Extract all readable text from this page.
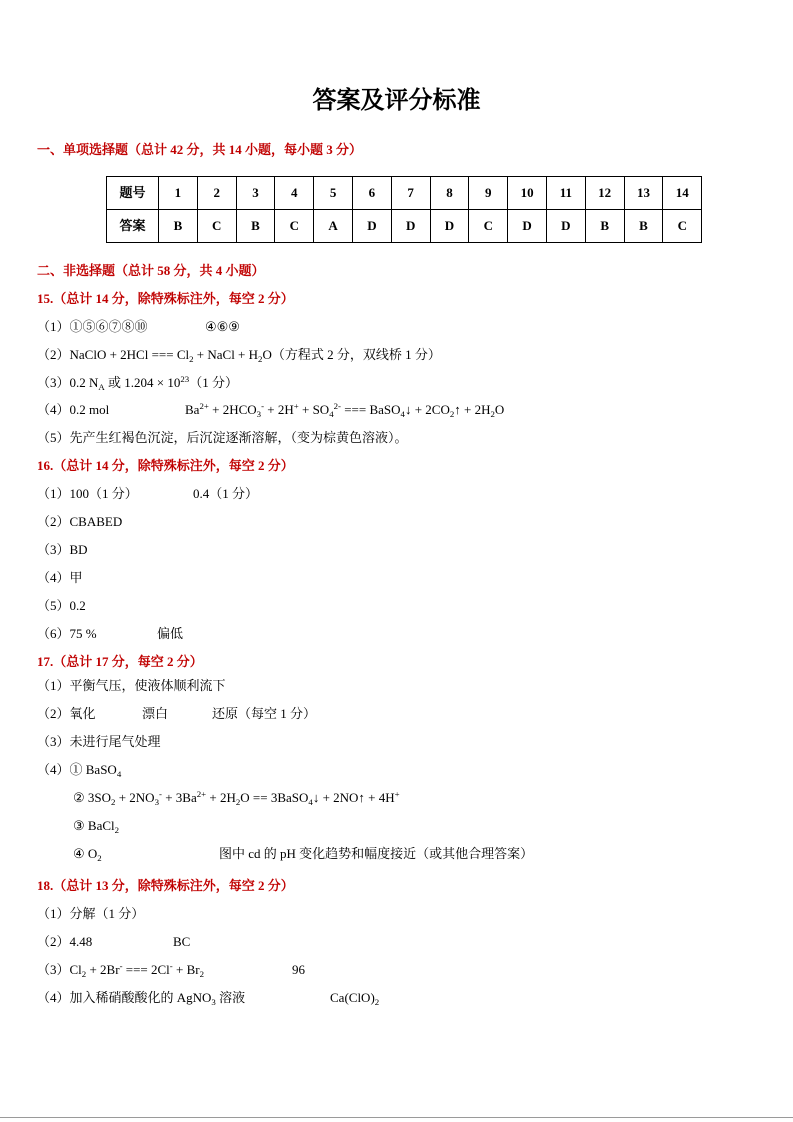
答案及评分标准
一、单项选择题（总计 42 分，共 14 小题，每小题 3 分）
题号	1	2	3	4	5	6	7	8	9	10	11	12	13	14
答案	B	C	B	C	A	D	D	D	C	D	D	B	B	C
二、非选择题（总计 58 分，共 4 小题）
15.（总计 14 分，除特殊标注外，每空 2 分）
（1）①⑤⑥⑦⑧⑩	④⑥⑨
（2）NaClO + 2HCl === $Cl_2$ + NaCl + $H_2O$（方程式 2 分，双线桥 1 分）
（3）0.2 $N_A$ 或 $1.204 \times 10^{23}(1$ 分）
（4）0.2 mol	$Ba^{2+} + 2HCO_3^- + 2H^+ + SO_4^{2-}$ === BaSO$_4$↓ + $2CO_2↑ + 2H_2O$
（5）先产生红褐色沉淀，后沉淀逐渐溶解，（变为棕黄色溶液）。
16.（总计 14 分，除特殊标注外，每空 2 分）
（1）100（1 分）	0.4（1 分）
（2）CBABED
（3）BD
（4）甲
（5）0.2
（6）75 %	偏低
17.（总计 17 分，每空 2 分）
（1）平衡气压，使液体顺利流下
（2）氧化	漂白	还原（每空 1 分）
（3）未进行尾气处理
（4）① BaSO$_4$
② $3SO_2 + 2NO_3^- + 3Ba^{2+} + 2H_2O$ == 3BaSO$_4$↓ + 2NO↑ + 4H+
③ BaCl$_2$
④ $O_2$	图中 cd 的 pH 变化趋势和幅度接近（或其他合理答案）
18.（总计 13 分，除特殊标注外，每空 2 分）
（1）分解（1 分）
（2）4.48	BC
$(3)Cl_2 + 2Br^-$ === $2Cl^- + Br_2$	96
（4）加入稀硝酸酸化的 AgNO$_3$ 溶液	$Ca(ClO)_2$
